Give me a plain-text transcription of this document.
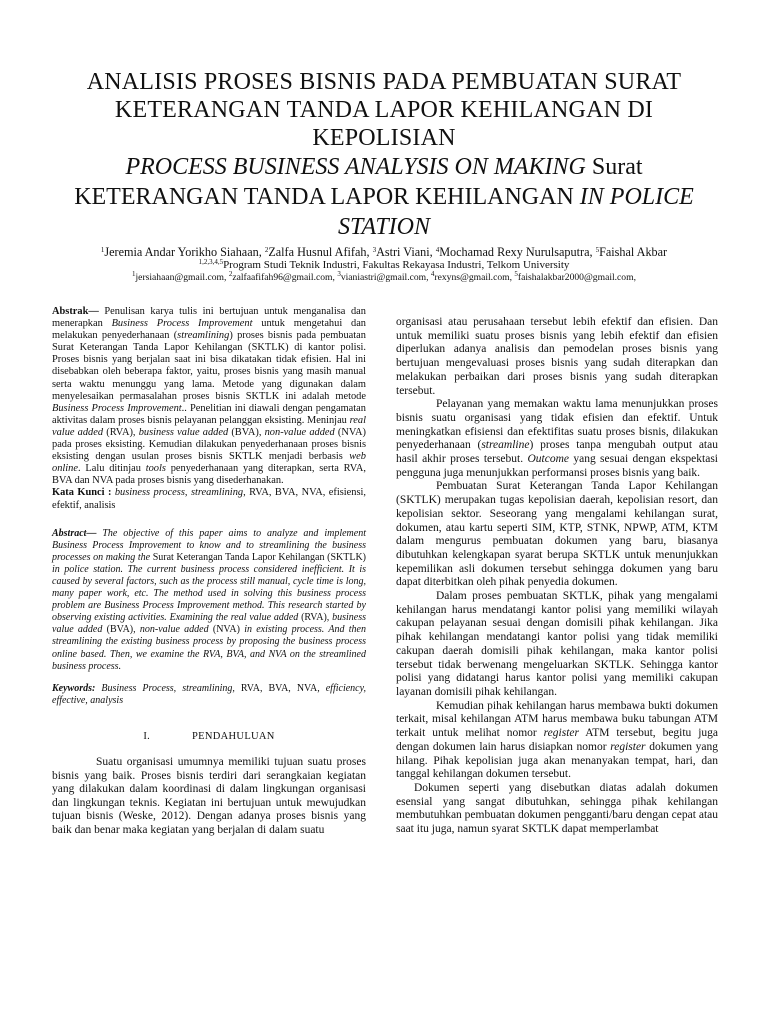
ANALISIS PROSES BISNIS PADA PEMBUATAN SURAT

KETERANGAN TANDA LAPOR KEHILANGAN DI

KEPOLISIAN

PROCESS BUSINESS ANALYSIS ON MAKING Surat

KETERANGAN TANDA LAPOR KEHILANGAN IN POLICE

STATION

$^1$Jeremia Andar Yorikho Siahaan, $^2$Zalfa Husnul Afifah, $^3$Astri Viani, $^4$Mochamad Rexy Nurulsaputra, $^5$Faishal Akbar
$^{1,2,3,4,5}$Program Studi Teknik Industri, Fakultas Rekayasa Industri, Telkom University
$^1$jersiahaan@gmail.com, $^2$zalfaafifah96@gmail.com, $^3$vianiastri@gmail.com, $^4$rexyns@gmail.com, $^5$faishalakbar2000@gmail.com,

Abstrak— Penulisan karya tulis ini bertujuan untuk menganalisa dan menerapkan Business Process Improvement untuk mengetahui dan melakukan penyederhanaan (streamlining) proses bisnis pada pembuatan Surat Keterangan Tanda Lapor Kehilangan (SKTLK) di kantor polisi. Proses bisnis yang berjalan saat ini bisa dikatakan tidak efisien. Hal ini disebabkan oleh beberapa faktor, yaitu, proses bisnis yang masih manual serta waktu menunggu yang lama. Metode yang digunakan dalam menyelesaikan permasalahan proses bisnis SKTLK ini adalah metode Business Process Improvement.. Penelitian ini diawali dengan pengamatan aktivitas dalam proses bisnis pelayanan pelanggan eksisting. Meninjau real value added (RVA), business value added (BVA), non-value added (NVA) pada proses eksisting. Kemudian dilakukan penyederhanaan proses bisnis eksisting dengan usulan proses bisnis SKTLK menjadi berbasis web online. Lalu ditinjau tools penyederhanaan yang diterapkan, serta RVA, BVA dan NVA pada proses bisnis yang disederhanakan.

Kata Kunci : business process, streamlining, RVA, BVA, NVA, efisiensi, efektif, analisis

Abstract— The objective of this paper aims to analyze and implement Business Process Improvement to know and to streamlining the business processes on making the Surat Keterangan Tanda Lapor Kehilangan (SKTLK) in police station. The current business process considered inefficient. It is caused by several factors, such as the process still manual, cycle time is long, many paper work, etc. The method used in solving this business process problem are Business Process Improvement method. This research started by observing existing activities. Examining the real value added (RVA), business value added (BVA), non-value added (NVA) in existing process. And then streamlining the existing business process by proposing the business process online based. Then, we examine the RVA, BVA, and NVA on the streamlined business process.

Keywords: Business Process, streamlining, RVA, BVA, NVA, efficiency, effective, analysis

I.	PENDAHULUAN

Suatu organisasi umumnya memiliki tujuan suatu proses bisnis yang baik. Proses bisnis terdiri dari serangkaian kegiatan yang dilakukan dalam koordinasi di dalam lingkungan organisasi dan lingkungan teknis. Kegiatan ini bertujuan untuk mewujudkan tujuan bisnis (Weske, 2012). Dengan adanya proses bisnis yang baik dan benar maka kegiatan yang berjalan di dalam suatu

organisasi atau perusahaan tersebut lebih efektif dan efisien. Dan untuk memiliki suatu proses bisnis yang lebih efektif dan efisien diperlukan adanya analisis dan pemodelan proses bisnis yang bertujuan mengevaluasi proses bisnis yang sudah diterapkan dan melakukan perbaikan dari proses bisnis yang sudah diterapkan tersebut.

Pelayanan yang memakan waktu lama menunjukkan proses bisnis suatu organisasi yang tidak efisien dan efektif. Untuk meningkatkan efisiensi dan efektifitas suatu proses bisnis, dilakukan penyederhanaan (streamline) proses tanpa mengubah output atau hasil akhir proses tersebut. Outcome yang sesuai dengan ekspektasi pengguna juga menunjukkan performansi proses bisnis yang baik.

Pembuatan Surat Keterangan Tanda Lapor Kehilangan (SKTLK) merupakan tugas kepolisian daerah, kepolisian resort, dan kepolisian sektor. Seseorang yang mengalami kehilangan surat, dokumen, atau kartu seperti SIM, KTP, STNK, NPWP, ATM, KTM dalam mengurus pembuatan dokumen yang baru, biasanya dibutuhkan kelengkapan syarat berupa SKTLK untuk menunjukkan kepemilikan asli dokumen tersebut sehingga dokumen yang baru dapat diterbitkan oleh pihak penyedia dokumen.

Dalam proses pembuatan SKTLK, pihak yang mengalami kehilangan harus mendatangi kantor polisi yang memiliki wilayah cakupan pelayanan sesuai dengan domisili pihak kehilangan. Jika pihak kehilangan mendatangi kantor polisi yang tidak memiliki cakupan daerah domisili pihak kehilangan, maka kantor polisi tersebut tidak berwenang mengeluarkan SKTLK. Sehingga kantor polisi yang didatangi harus kantor polisi yang memiliki cakupan layanan domisili pihak kehilangan.

Kemudian pihak kehilangan harus membawa bukti dokumen terkait, misal kehilangan ATM harus membawa buku tabungan ATM terkait untuk melihat nomor register ATM tersebut, begitu juga dengan dokumen lain harus disiapkan nomor register dokumen yang hilang. Pihak kepolisian juga akan menanyakan tempat, hari, dan tanggal kehilangan dokumen tersebut.

Dokumen seperti yang disebutkan diatas adalah dokumen esensial yang sangat dibutuhkan, sehingga pihak kehilangan membutuhkan pembuatan dokumen pengganti/baru dengan cepat atau saat itu juga, namun syarat SKTLK dapat memperlambat
